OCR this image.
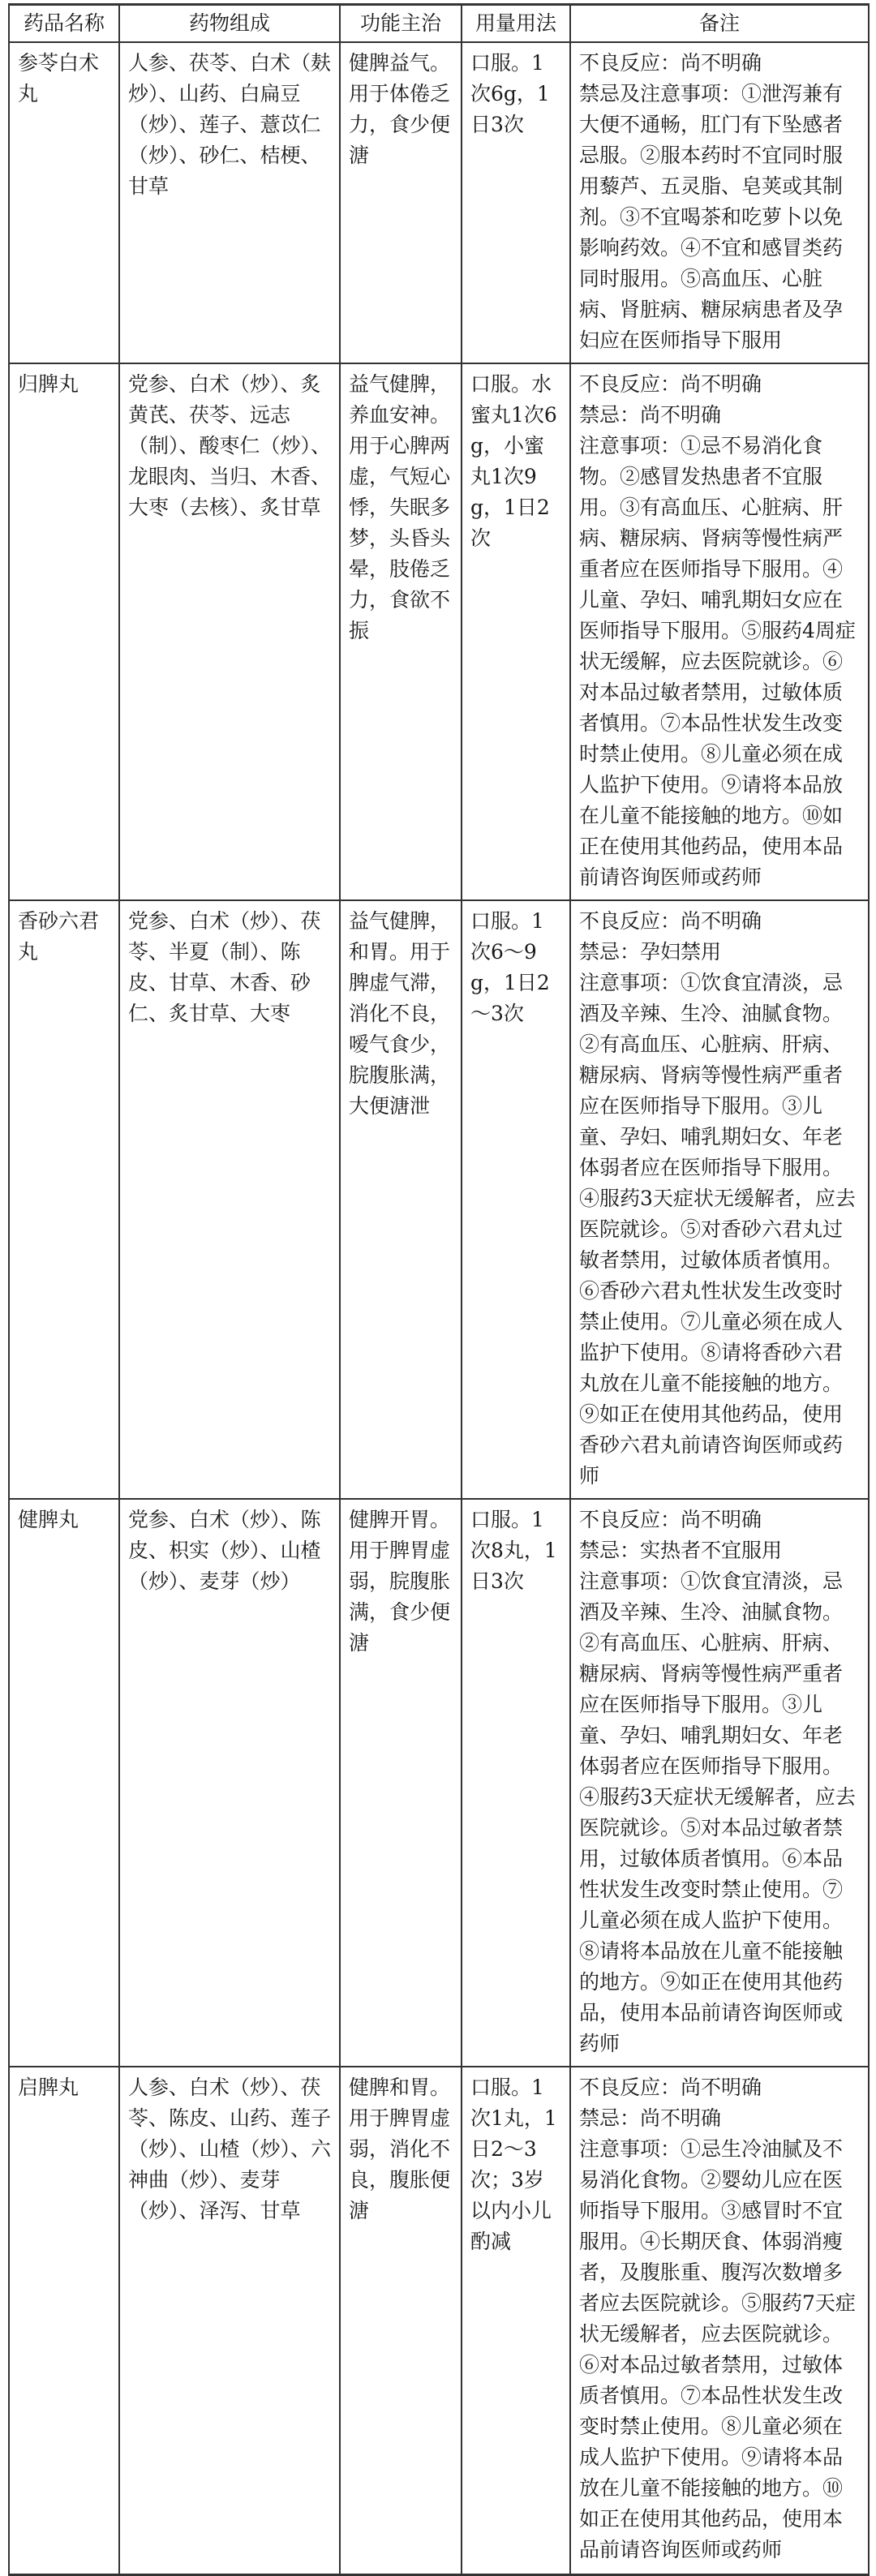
药品名称	药物组成	功能主治	用量用法	备注
参苓白术丸	人参、茯苓、白术（麸炒）、山药、白扁豆（炒）、莲子、薏苡仁（炒）、砂仁、桔梗、甘草	健脾益气。用于体倦乏力，食少便溏	口服。1次6g，1日3次	不良反应：尚不明确
禁忌及注意事项：①泄泻兼有大便不通畅，肛门有下坠感者忌服。②服本药时不宜同时服用藜芦、五灵脂、皂荚或其制剂。③不宜喝茶和吃萝卜以免影响药效。④不宜和感冒类药同时服用。⑤高血压、心脏病、肾脏病、糖尿病患者及孕妇应在医师指导下服用

归脾丸	党参、白术（炒）、炙黄芪、茯苓、远志（制）、酸枣仁（炒）、龙眼肉、当归、木香、大枣（去核）、炙甘草	益气健脾，养血安神。用于心脾两虚，气短心悸，失眠多梦，头昏头晕，肢倦乏力，食欲不振	口服。水蜜丸1次6g，小蜜丸1次9g，1日2次	不良反应：尚不明确
禁忌：尚不明确
注意事项：①忌不易消化食物。②感冒发热患者不宜服用。③有高血压、心脏病、肝病、糖尿病、肾病等慢性病严重者应在医师指导下服用。④儿童、孕妇、哺乳期妇女应在医师指导下服用。⑤服药4周症状无缓解，应去医院就诊。⑥对本品过敏者禁用，过敏体质者慎用。⑦本品性状发生改变时禁止使用。⑧儿童必须在成人监护下使用。⑨请将本品放在儿童不能接触的地方。⑩如正在使用其他药品，使用本品前请咨询医师或药师

香砂六君丸	党参、白术（炒）、茯苓、半夏（制）、陈皮、甘草、木香、砂仁、炙甘草、大枣	益气健脾，和胃。用于脾虚气滞，消化不良，嗳气食少，脘腹胀满，大便溏泄	口服。1次6～9g，1日2～3次	不良反应：尚不明确
禁忌：孕妇禁用
注意事项：①饮食宜清淡，忌酒及辛辣、生冷、油腻食物。②有高血压、心脏病、肝病、糖尿病、肾病等慢性病严重者应在医师指导下服用。③儿童、孕妇、哺乳期妇女、年老体弱者应在医师指导下服用。④服药3天症状无缓解者，应去医院就诊。⑤对香砂六君丸过敏者禁用，过敏体质者慎用。⑥香砂六君丸性状发生改变时禁止使用。⑦儿童必须在成人监护下使用。⑧请将香砂六君丸放在儿童不能接触的地方。⑨如正在使用其他药品，使用香砂六君丸前请咨询医师或药师

健脾丸	党参、白术（炒）、陈皮、枳实（炒）、山楂（炒）、麦芽（炒）	健脾开胃。用于脾胃虚弱，脘腹胀满，食少便溏	口服。1次8丸，1日3次	不良反应：尚不明确
禁忌：实热者不宜服用
注意事项：①饮食宜清淡，忌酒及辛辣、生冷、油腻食物。②有高血压、心脏病、肝病、糖尿病、肾病等慢性病严重者应在医师指导下服用。③儿童、孕妇、哺乳期妇女、年老体弱者应在医师指导下服用。④服药3天症状无缓解者，应去医院就诊。⑤对本品过敏者禁用，过敏体质者慎用。⑥本品性状发生改变时禁止使用。⑦儿童必须在成人监护下使用。⑧请将本品放在儿童不能接触的地方。⑨如正在使用其他药品，使用本品前请咨询医师或药师

启脾丸	人参、白术（炒）、茯苓、陈皮、山药、莲子（炒）、山楂（炒）、六神曲（炒）、麦芽（炒）、泽泻、甘草	健脾和胃。用于脾胃虚弱，消化不良，腹胀便溏	口服。1次1丸，1日2～3次；3岁以内小儿酌减	不良反应：尚不明确
禁忌：尚不明确
注意事项：①忌生冷油腻及不易消化食物。②婴幼儿应在医师指导下服用。③感冒时不宜服用。④长期厌食、体弱消瘦者，及腹胀重、腹泻次数增多者应去医院就诊。⑤服药7天症状无缓解者，应去医院就诊。⑥对本品过敏者禁用，过敏体质者慎用。⑦本品性状发生改变时禁止使用。⑧儿童必须在成人监护下使用。⑨请将本品放在儿童不能接触的地方。⑩如正在使用其他药品，使用本品前请咨询医师或药师
